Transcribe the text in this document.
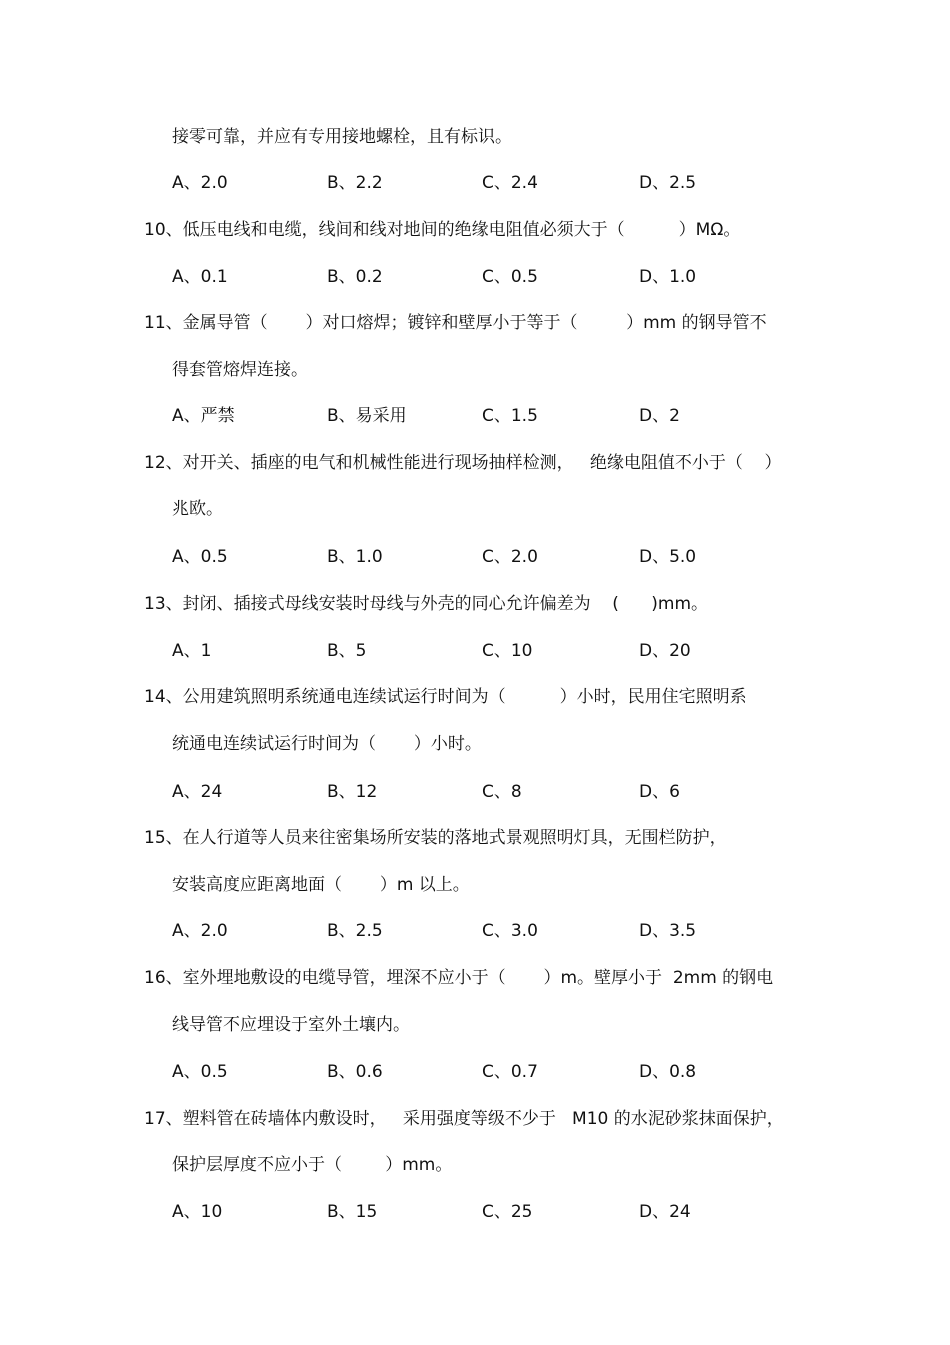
接零可靠，并应有专用接地螺栓，且有标识。
A、2.0	B、2.2	C、2.4	D、2.5
10、低压电线和电缆，线间和线对地间的绝缘电阻值必须大于（          ）MΩ。
A、0.1	B、0.2	C、0.5	D、1.0
11、金属导管（       ）对口熔焊；镀锌和壁厚小于等于（         ）mm 的钢导管不
得套管熔焊连接。
A、严禁	B、易采用	C、1.5	D、2
12、对开关、插座的电气和机械性能进行现场抽样检测，   绝缘电阻值不小于（    ）
兆欧。
A、0.5	B、1.0	C、2.0	D、5.0
13、封闭、插接式母线安装时母线与外壳的同心允许偏差为    (      )mm。
A、1	B、5	C、10	D、20
14、公用建筑照明系统通电连续试运行时间为（          ）小时，民用住宅照明系
统通电连续试运行时间为（       ）小时。
A、24	B、12	C、8	D、6
15、在人行道等人员来往密集场所安装的落地式景观照明灯具，无围栏防护，
安装高度应距离地面（       ）m 以上。
A、2.0	B、2.5	C、3.0	D、3.5
16、室外埋地敷设的电缆导管，埋深不应小于（       ）m。壁厚小于  2mm 的钢电
线导管不应埋设于室外土壤内。
A、0.5	B、0.6	C、0.7	D、0.8
17、塑料管在砖墙体内敷设时，   采用强度等级不少于   M10 的水泥砂浆抹面保护，
保护层厚度不应小于（        ）mm。
A、10	B、15	C、25	D、24
